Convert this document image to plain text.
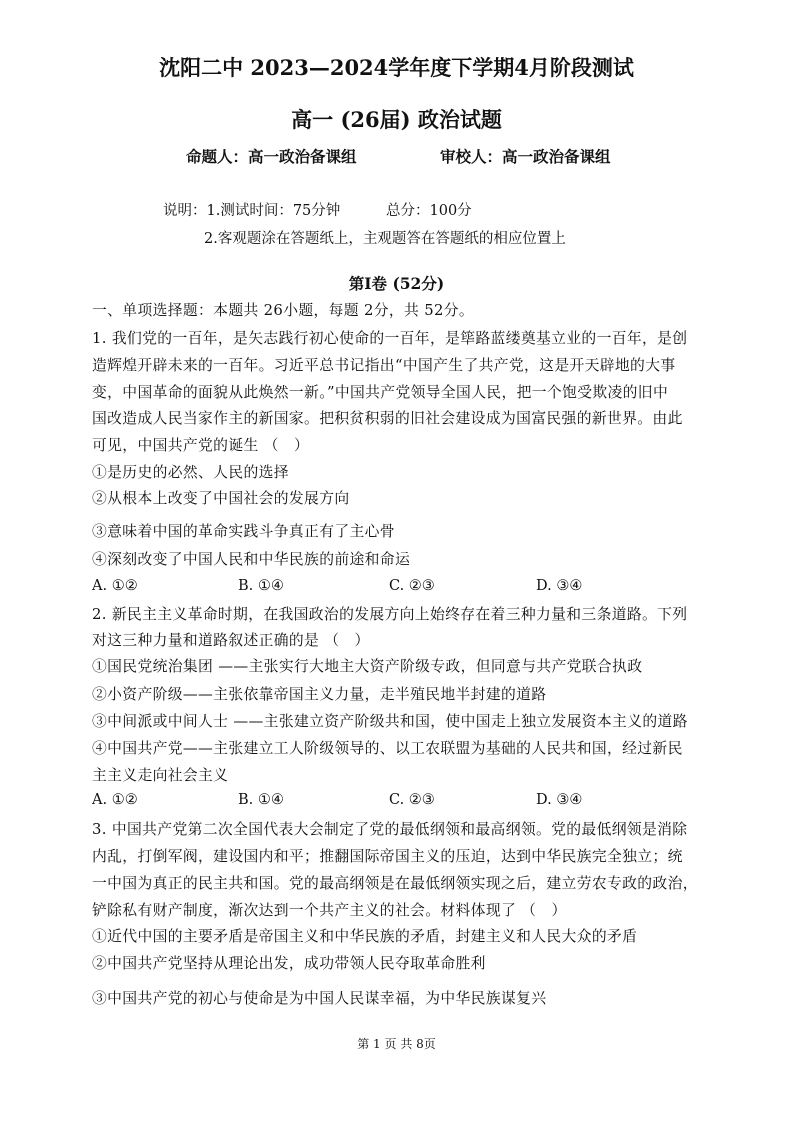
沈阳二中 2023—2024学年度下学期4月阶段测试
高一 (26届) 政治试题
命题人：高一政治备课组	审校人：高一政治备课组
说明：1.测试时间：75分钟	总分：100分
2.客观题涂在答题纸上，主观题答在答题纸的相应位置上
第Ⅰ卷 (52分)
一、单项选择题：本题共 26小题，每题 2分，共 52分。
1. 我们党的一百年，是矢志践行初心使命的一百年，是筚路蓝缕奠基立业的一百年，是创
造辉煌开辟未来的一百年。习近平总书记指出“中国产生了共产党，这是开天辟地的大事
变，中国革命的面貌从此焕然一新。”中国共产党领导全国人民，把一个饱受欺凌的旧中
国改造成人民当家作主的新国家。把积贫积弱的旧社会建设成为国富民强的新世界。由此
可见，中国共产党的诞生 （　）
①是历史的必然、人民的选择
②从根本上改变了中国社会的发展方向
③意味着中国的革命实践斗争真正有了主心骨
④深刻改变了中国人民和中华民族的前途和命运
A. ①②	B. ①④	C. ②③	D. ③④
2. 新民主主义革命时期，在我国政治的发展方向上始终存在着三种力量和三条道路。下列
对这三种力量和道路叙述正确的是 （　）
①国民党统治集团 ——主张实行大地主大资产阶级专政，但同意与共产党联合执政
②小资产阶级——主张依靠帝国主义力量，走半殖民地半封建的道路
③中间派或中间人士 ——主张建立资产阶级共和国，使中国走上独立发展资本主义的道路
④中国共产党——主张建立工人阶级领导的、以工农联盟为基础的人民共和国，经过新民
主主义走向社会主义
A. ①②	B. ①④	C. ②③	D. ③④
3. 中国共产党第二次全国代表大会制定了党的最低纲领和最高纲领。党的最低纲领是消除
内乱，打倒军阀，建设国内和平；推翻国际帝国主义的压迫，达到中华民族完全独立；统
一中国为真正的民主共和国。党的最高纲领是在最低纲领实现之后，建立劳农专政的政治，
铲除私有财产制度，渐次达到一个共产主义的社会。材料体现了 （　）
①近代中国的主要矛盾是帝国主义和中华民族的矛盾，封建主义和人民大众的矛盾
②中国共产党坚持从理论出发，成功带领人民夺取革命胜利
③中国共产党的初心与使命是为中国人民谋幸福，为中华民族谋复兴
第 1 页 共 8页
